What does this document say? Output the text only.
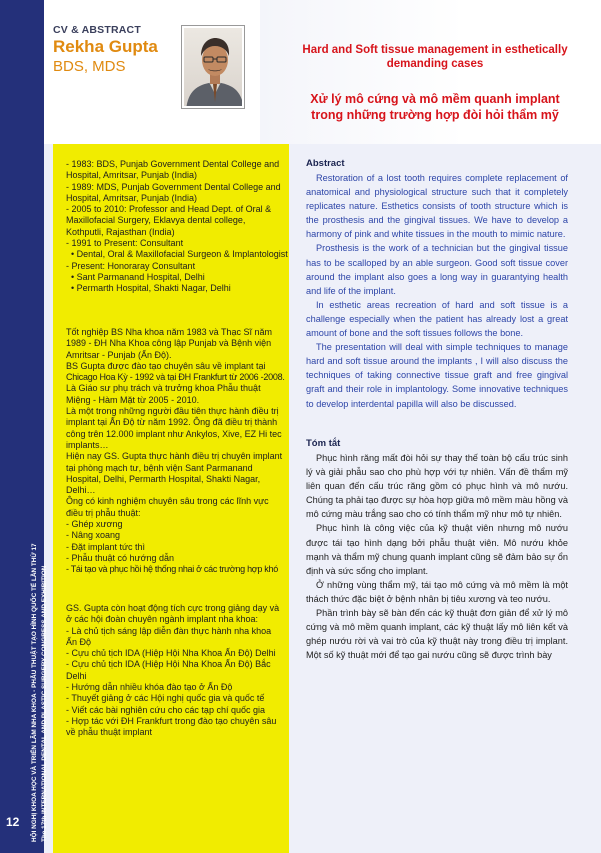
HỘI NGHỊ KHOA HỌC VÀ TRIỂN LÃM NHA KHOA - PHẪU THUẬT TẠO HÌNH QUỐC TẾ LẦN THỨ 17 The 17th INTERNATIONAL DENTAL AND PLASTIC SURGERY CONGRESS AND EXHIBITION
12
CV & ABSTRACT
Rekha Gupta
BDS, MDS
Hard and Soft tissue management in esthetically demanding cases
Xử lý mô cứng và mô mềm quanh implant trong những trường hợp đòi hỏi thẩm mỹ
- 1983: BDS, Punjab Government Dental College and
Hospital, Amritsar, Punjab (India)
- 1989: MDS, Punjab Government Dental College and
Hospital, Amritsar, Punjab (India)
- 2005 to 2010: Professor and Head Dept. of Oral &
Maxillofacial Surgery, Eklavya dental college,
Kothputli, Rajasthan (India)
- 1991 to Present: Consultant
• Dental, Oral & Maxillofacial Surgeon & Implantologist
- Present: Honoraray Consultant
• Sant Parmanand Hospital, Delhi
• Permarth Hospital, Shakti Nagar, Delhi
Tốt nghiệp BS Nha khoa năm 1983 và Thạc Sĩ năm
1989 - ĐH Nha Khoa công lập Punjab và Bệnh viện
Amritsar - Punjab (Ấn Độ).
BS Gupta được đào tạo chuyên sâu về implant tại
Chicago Hoa Kỳ - 1992 và tại ĐH Frankfurt từ 2006 -2008.
Là Giáo sư phụ trách và trưởng khoa Phẫu thuật
Miệng - Hàm Mặt từ 2005 - 2010.
Là một trong những người đầu tiên thực hành điều trị
implant tại Ấn Độ từ năm 1992. Ông đã điều trị thành
công trên 12.000 implant như Ankylos, Xive, EZ Hi tec
implants…
Hiện nay GS. Gupta thực hành điều trị chuyên implant
tại phòng mạch tư, bệnh viện Sant Parmanand
Hospital, Delhi, Permarth Hospital, Shakti Nagar,
Delhi…
Ông có kinh nghiệm chuyên sâu trong các lĩnh vực
điều trị phẫu thuật:
- Ghép xương
- Nâng xoang
- Đặt implant tức thì
- Phẫu thuật có hướng dẫn
- Tái tạo và phục hồi hệ thống nhai ở các trường hợp khó
GS. Gupta còn hoạt động tích cực trong giảng dạy và
ở các hội đoàn chuyên ngành implant nha khoa:
- Là chủ tịch sáng lập diễn đàn thực hành nha khoa
Ấn Độ
- Cựu chủ tịch IDA (Hiệp Hội Nha Khoa Ấn Độ) Delhi
- Cựu chủ tịch IDA (Hiệp Hội Nha Khoa Ấn Độ) Bắc
Delhi
- Hướng dẫn nhiều khóa đào tạo ở Ấn Độ
- Thuyết giảng ở các Hội nghị quốc gia và quốc tế
- Viết các bài nghiên cứu cho các tạp chí quốc gia
- Hợp tác với ĐH Frankfurt trong đào tạo chuyên sâu
về phẫu thuật implant
Abstract

Restoration of a lost tooth requires complete replacement of anatomical and physiological structure such that it completely replicates nature. Esthetics consists of tooth structure which is the prosthesis and the gingival tissues. We have to develop a harmony of pink and white tissues in the mouth to mimic nature.

Prosthesis is the work of a technician but the gingival tissue has to be scalloped by an able surgeon. Good soft tissue cover around the implant also goes a long way in guarantying health and life of the implant.

In esthetic areas recreation of hard and soft tissue is a challenge especially when the patient has already lost a great amount of bone and the soft tissues follows the bone.

The presentation will deal with simple techniques to manage hard and soft tissue around the implants , I will also discuss the techniques of taking connective tissue graft and free gingival graft and their role in implantology. Some innovative techniques to develop interdental papilla will also be discussed.

Tóm tắt

Phục hình răng mất đòi hỏi sự thay thế toàn bộ cấu trúc sinh lý và giải phẫu sao cho phù hợp với tự nhiên. Vấn đề thẩm mỹ liên quan đến cấu trúc răng gồm có phục hình và mô nướu. Chúng ta phải tạo được sự hòa hợp giữa mô mềm màu hồng và mô cứng màu trắng sao cho có tính thẩm mỹ như mô tự nhiên.

Phục hình là công việc của kỹ thuật viên nhưng mô nướu được tái tạo hình dạng bởi phẫu thuật viên. Mô nướu khỏe mạnh và thẩm mỹ chung quanh implant cũng sẽ đảm bảo sự ổn định và sức sống cho implant.

Ở những vùng thẩm mỹ, tái tạo mô cứng và mô mềm là một thách thức đặc biệt ở bệnh nhân bị tiêu xương và teo nướu.

Phần trình bày sẽ bàn đến các kỹ thuật đơn giản để xử lý mô cứng và mô mềm quanh implant, các kỹ thuật lấy mô liên kết và ghép nướu rời và vai trò của kỹ thuật này trong điều trị implant. Một số kỹ thuật mới để tạo gai nướu cũng sẽ được trình bày
